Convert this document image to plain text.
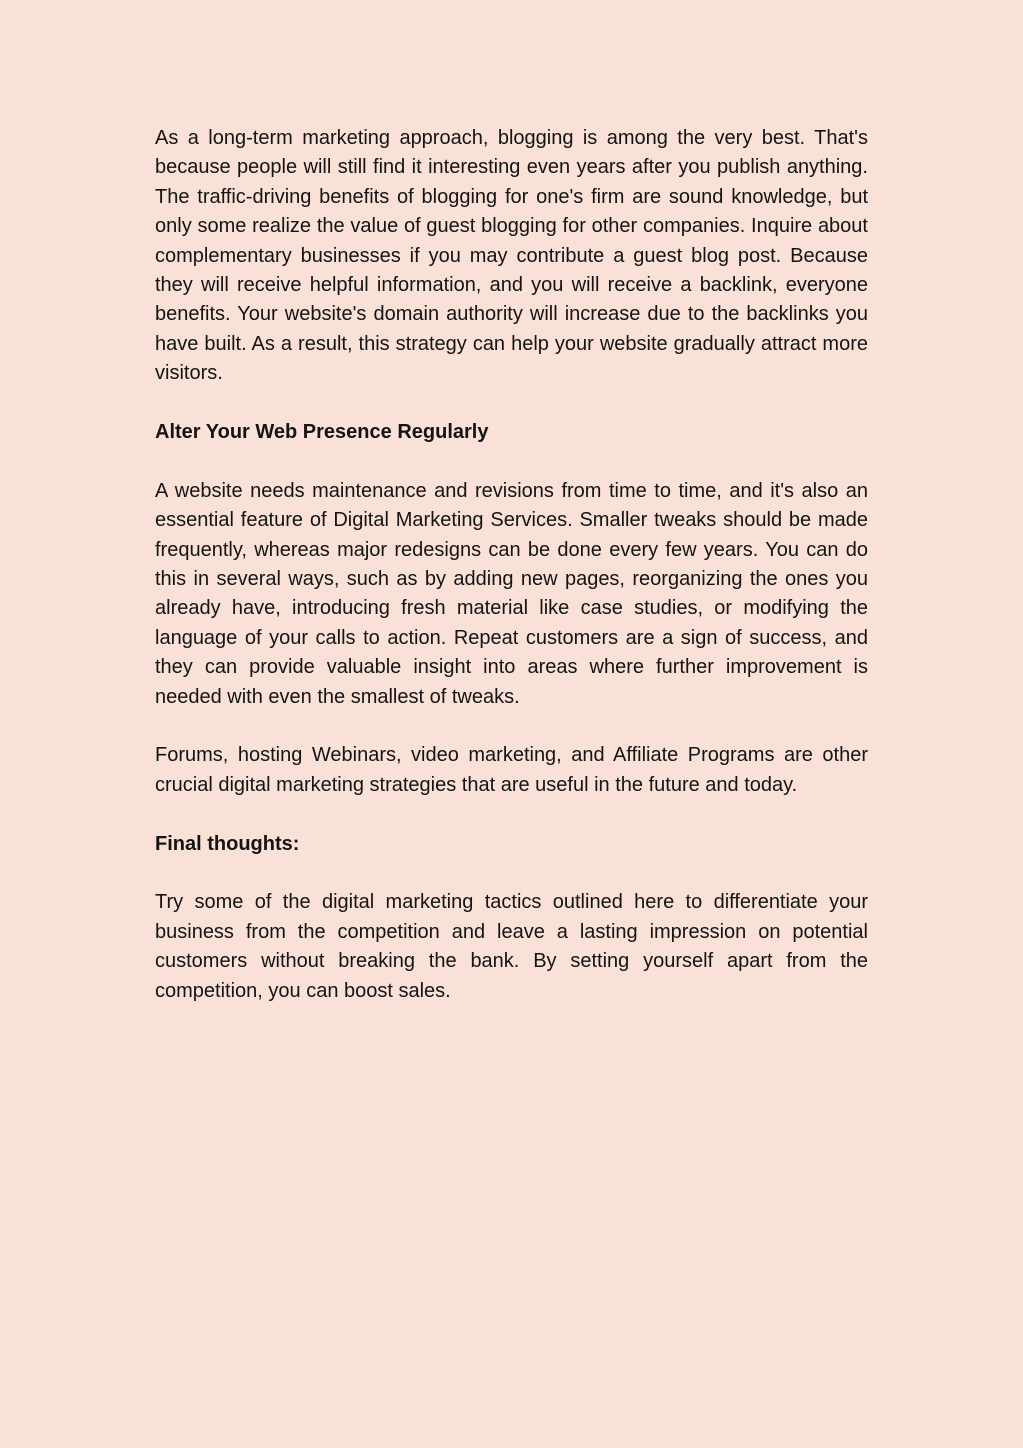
As a long-term marketing approach, blogging is among the very best. That's because people will still find it interesting even years after you publish anything. The traffic-driving benefits of blogging for one's firm are sound knowledge, but only some realize the value of guest blogging for other companies. Inquire about complementary businesses if you may contribute a guest blog post. Because they will receive helpful information, and you will receive a backlink, everyone benefits. Your website's domain authority will increase due to the backlinks you have built. As a result, this strategy can help your website gradually attract more visitors.

Alter Your Web Presence Regularly

A website needs maintenance and revisions from time to time, and it's also an essential feature of Digital Marketing Services. Smaller tweaks should be made frequently, whereas major redesigns can be done every few years. You can do this in several ways, such as by adding new pages, reorganizing the ones you already have, introducing fresh material like case studies, or modifying the language of your calls to action. Repeat customers are a sign of success, and they can provide valuable insight into areas where further improvement is needed with even the smallest of tweaks.

Forums, hosting Webinars, video marketing, and Affiliate Programs are other crucial digital marketing strategies that are useful in the future and today.

Final thoughts:

Try some of the digital marketing tactics outlined here to differentiate your business from the competition and leave a lasting impression on potential customers without breaking the bank. By setting yourself apart from the competition, you can boost sales.
